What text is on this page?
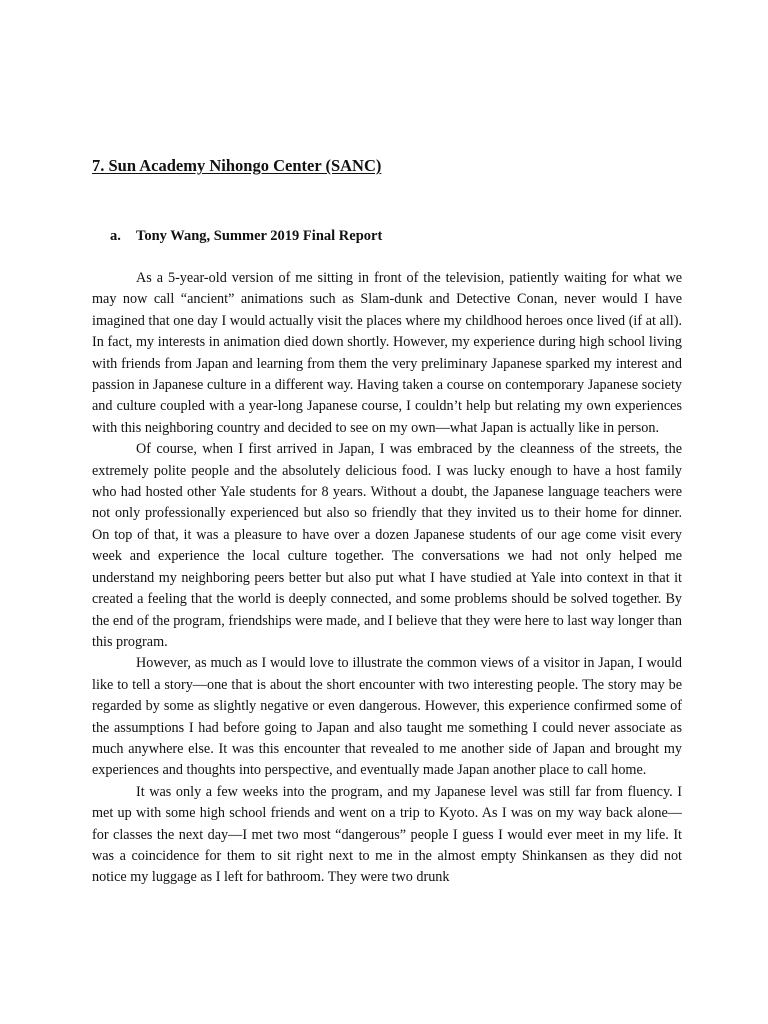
7. Sun Academy Nihongo Center (SANC)
a. Tony Wang, Summer 2019 Final Report

As a 5-year-old version of me sitting in front of the television, patiently waiting for what we may now call “ancient” animations such as Slam-dunk and Detective Conan, never would I have imagined that one day I would actually visit the places where my childhood heroes once lived (if at all). In fact, my interests in animation died down shortly. However, my experience during high school living with friends from Japan and learning from them the very preliminary Japanese sparked my interest and passion in Japanese culture in a different way. Having taken a course on contemporary Japanese society and culture coupled with a year-long Japanese course, I couldn’t help but relating my own experiences with this neighboring country and decided to see on my own—what Japan is actually like in person.

Of course, when I first arrived in Japan, I was embraced by the cleanness of the streets, the extremely polite people and the absolutely delicious food. I was lucky enough to have a host family who had hosted other Yale students for 8 years. Without a doubt, the Japanese language teachers were not only professionally experienced but also so friendly that they invited us to their home for dinner. On top of that, it was a pleasure to have over a dozen Japanese students of our age come visit every week and experience the local culture together. The conversations we had not only helped me understand my neighboring peers better but also put what I have studied at Yale into context in that it created a feeling that the world is deeply connected, and some problems should be solved together. By the end of the program, friendships were made, and I believe that they were here to last way longer than this program.

However, as much as I would love to illustrate the common views of a visitor in Japan, I would like to tell a story—one that is about the short encounter with two interesting people. The story may be regarded by some as slightly negative or even dangerous. However, this experience confirmed some of the assumptions I had before going to Japan and also taught me something I could never associate as much anywhere else. It was this encounter that revealed to me another side of Japan and brought my experiences and thoughts into perspective, and eventually made Japan another place to call home.

It was only a few weeks into the program, and my Japanese level was still far from fluency. I met up with some high school friends and went on a trip to Kyoto. As I was on my way back alone—for classes the next day—I met two most “dangerous” people I guess I would ever meet in my life. It was a coincidence for them to sit right next to me in the almost empty Shinkansen as they did not notice my luggage as I left for bathroom. They were two drunk
